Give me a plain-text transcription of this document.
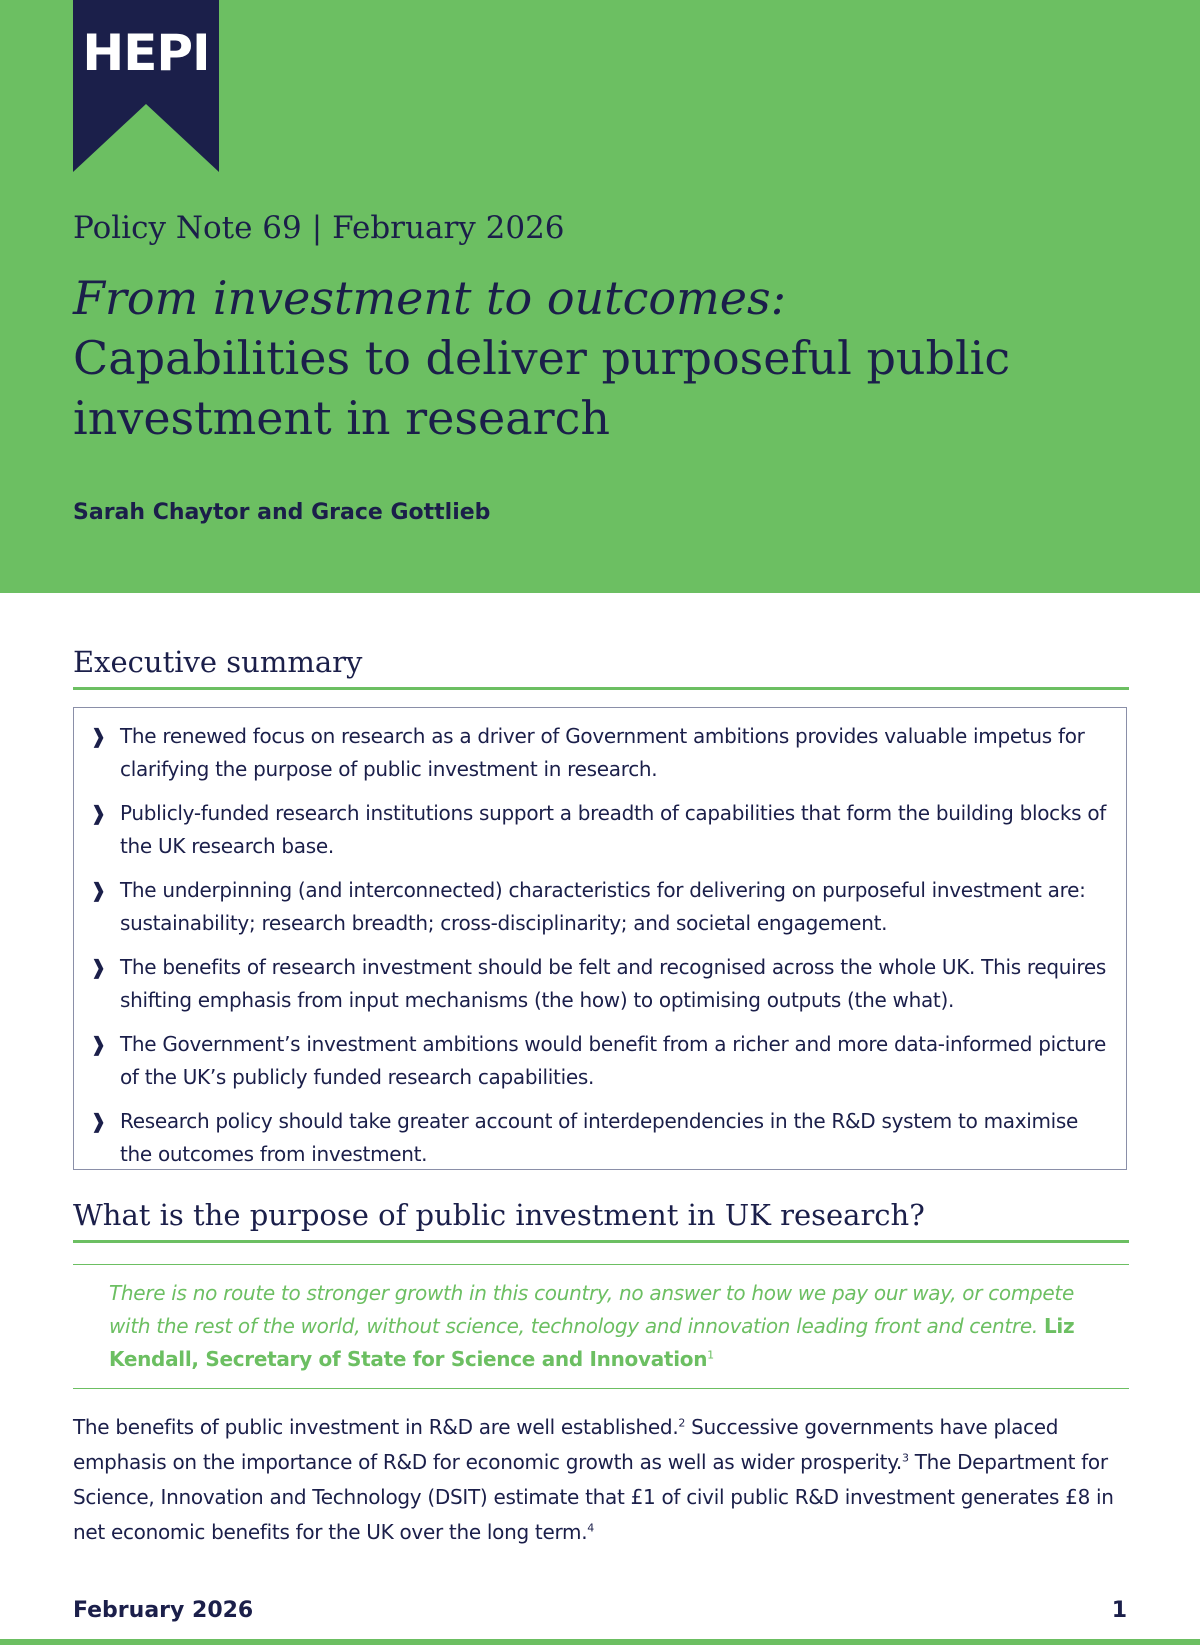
HEPI
Policy Note 69 | February 2026
From investment to outcomes:
Capabilities to deliver purposeful public investment in research
Sarah Chaytor and Grace Gottlieb
Executive summary
❱ The renewed focus on research as a driver of Government ambitions provides valuable impetus for clarifying the purpose of public investment in research.
❱ Publicly-funded research institutions support a breadth of capabilities that form the building blocks of the UK research base.
❱ The underpinning (and interconnected) characteristics for delivering on purposeful investment are: sustainability; research breadth; cross-disciplinarity; and societal engagement.
❱ The benefits of research investment should be felt and recognised across the whole UK. This requires shifting emphasis from input mechanisms (the how) to optimising outputs (the what).
❱ The Government’s investment ambitions would benefit from a richer and more data-informed picture of the UK’s publicly funded research capabilities.
❱ Research policy should take greater account of interdependencies in the R&D system to maximise the outcomes from investment.
What is the purpose of public investment in UK research?
There is no route to stronger growth in this country, no answer to how we pay our way, or compete with the rest of the world, without science, technology and innovation leading front and centre. Liz Kendall, Secretary of State for Science and Innovation$^1$

The benefits of public investment in R&D are well established.$^2$ Successive governments have placed emphasis on the importance of R&D for economic growth as well as wider prosperity.$^3$ The Department for Science, Innovation and Technology (DSIT) estimate that £1 of civil public R&D investment generates £8 in net economic benefits for the UK over the long term.$^4$

February 2026	1
